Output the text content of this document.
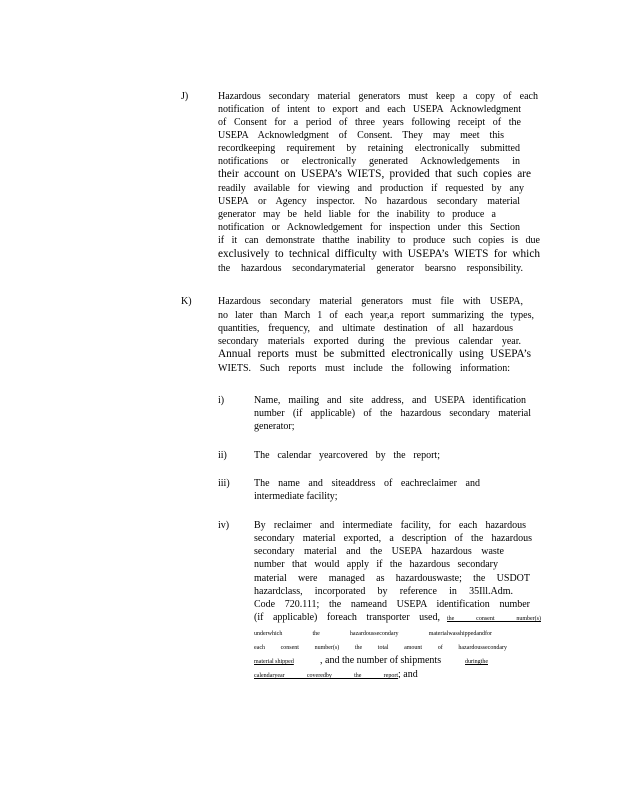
J)	Hazardous secondary material generators must keep a copy of each
notification of intent to export and each USEPA Acknowledgment
of Consent for a period of three years following receipt of the
USEPA Acknowledgment of Consent. They may meet this
recordkeeping requirement by retaining electronically submitted
notifications or electronically generated Acknowledgements in
their account on USEPA’s WIETS, provided that such copies are
readily available for viewing and production if requested by any
USEPA or Agency inspector. No hazardous secondary material
generator may be held liable for the inability to produce a
notification or Acknowledgement for inspection under this Section
if it can demonstrate thatthe inability to produce such copies is due
exclusively to technical difficulty with USEPA’s WIETS for which
the hazardous secondarymaterial generator bearsno responsibility.
K)	Hazardous secondary material generators must file with USEPA,
no later than March 1 of each year,a report summarizing the types,
quantities, frequency, and ultimate destination of all hazardous
secondary materials exported during the previous calendar year.
Annual reports must be submitted electronically using USEPA’s
WIETS. Such reports must include the following information:
i)	Name, mailing and site address, and USEPA identification
number (if applicable) of the hazardous secondary material
generator;
ii)	The calendar yearcovered by the report;
iii) The name and siteaddress of eachreclaimer and
intermediate facility;
iv) By reclaimer and intermediate facility, for each hazardous
secondary material exported, a description of the hazardous
secondary material and the USEPA hazardous waste
number that would apply if the hazardous secondary
material were managed as hazardouswaste; the USDOT
hazardclass, incorporated by reference in 35Ill.Adm.
Code 720.111; the nameand USEPA identification number
(if applicable) foreach transporter used, the consent number(s)
underwhich the hazardoussecondary materialwasshippedandfor
each consent number(s) the total amount of hazardoussecondary
material shipped	, and the number of shipments	duringthe
calendaryear coveredby the report ; and
